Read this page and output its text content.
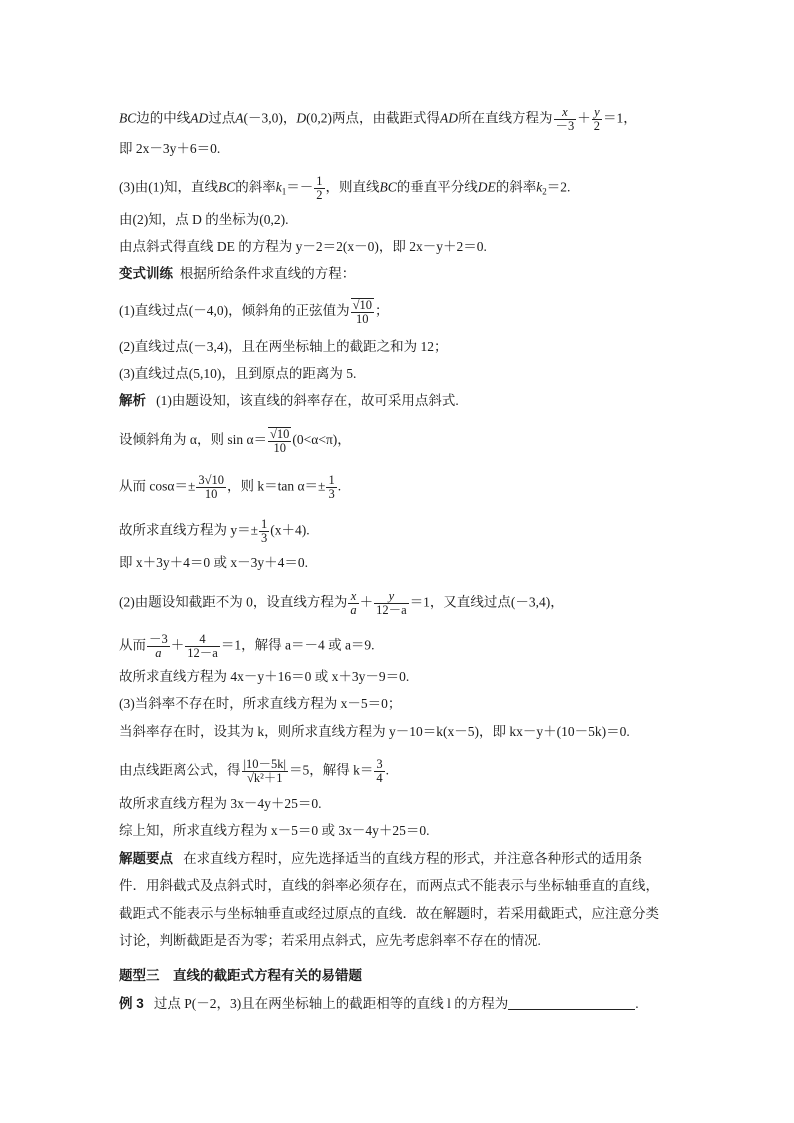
BC边的中线AD过点A(－3,0)，D(0,2)两点，由截距式得AD所在直线方程为 $\frac{x}{-3} + \frac{y}{2} =1$，
即 2x－3y＋6＝0.
(3)由(1)知，直线BC的斜率$k_1=- \frac{1}{2}$ ，则直线BC的垂直平分线DE的斜率$k_2=2$.
由(2)知，点 D 的坐标为(0,2).
由点斜式得直线 DE 的方程为 y－2＝2(x－0)，即 2x－y＋2＝0.
变式训练 根据所给条件求直线的方程：
(1)直线过点(－4,0)，倾斜角的正弦值为 $\frac{√10}{10}$ ；
(2)直线过点(－3,4)，且在两坐标轴上的截距之和为 12；
(3)直线过点(5,10)，且到原点的距离为 5.
解析 (1)由题设知，该直线的斜率存在，故可采用点斜式.
设倾斜角为 α，则 $\sin \alpha= \frac{√10}{10} (0<\alpha<\pi)$，
从而 $\cos\alpha=\pm \frac{3√10}{10}$ ，则 k＝tan $\alpha=\pm \frac{1}{3}$ .
故所求直线方程为 $y=\pm \frac{1}{3} (x+4)$.
即 x＋3y＋4＝0 或 x－3y＋4＝0.
(2)由题设知截距不为 0，设直线方程为 $\frac{x}{a} + \frac{y}{12-a} =1$，又直线过点(－3,4)，
从而 $\frac{-3}{a} + \frac{4}{12-a} =1$，解得 a＝－4 或 a＝9.
故所求直线方程为 4x－y＋16＝0 或 x＋3y－9＝0.
(3)当斜率不存在时，所求直线方程为 x－5＝0；
当斜率存在时，设其为 k，则所求直线方程为 y－10＝k(x－5)，即 kx－y＋(10－5k)＝0.
由点线距离公式，得 $\frac{|10-5k|}{\text{√k²＋1}} =5$，解得 $k= \frac{3}{4}$ .
故所求直线方程为 3x－4y＋25＝0.
综上知，所求直线方程为 x－5＝0 或 3x－4y＋25＝0.
解题要点 在求直线方程时，应先选择适当的直线方程的形式，并注意各种形式的适用条
件．用斜截式及点斜式时，直线的斜率必须存在，而两点式不能表示与坐标轴垂直的直线，
截距式不能表示与坐标轴垂直或经过原点的直线．故在解题时，若采用截距式，应注意分类
讨论，判断截距是否为零；若采用点斜式，应先考虑斜率不存在的情况.
题型三　直线的截距式方程有关的易错题
例 3 过点 P(－2，3)且在两坐标轴上的截距相等的直线 l 的方程为	.
